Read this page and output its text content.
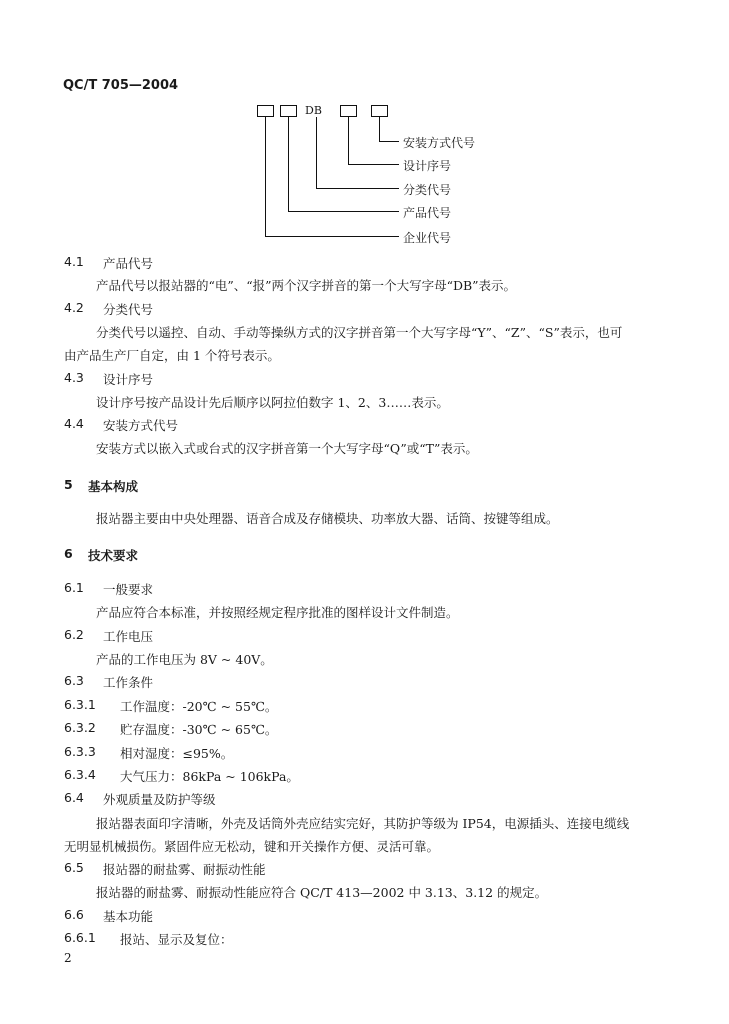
QC/T 705—2004
DB
安装方式代号
设计序号
分类代号
产品代号
企业代号
4.1 产品代号
产品代号以报站器的“电”、“报”两个汉字拼音的第一个大写字母“DB”表示。
4.2 分类代号
分类代号以遥控、自动、手动等操纵方式的汉字拼音第一个大写字母“Y”、“Z”、“S”表示，也可
由产品生产厂自定，由 1 个符号表示。
4.3 设计序号
设计序号按产品设计先后顺序以阿拉伯数字 1、2、3……表示。
4.4 安装方式代号
安装方式以嵌入式或台式的汉字拼音第一个大写字母“Q”或“T”表示。
5 基本构成
报站器主要由中央处理器、语音合成及存储模块、功率放大器、话筒、按键等组成。
6 技术要求
6.1 一般要求
产品应符合本标准，并按照经规定程序批准的图样设计文件制造。
6.2 工作电压
产品的工作电压为 8V ~ 40V。
6.3 工作条件
6.3.1 工作温度：-20℃ ~ 55℃。
6.3.2 贮存温度：-30℃ ~ 65℃。
6.3.3 相对湿度：≤95%。
6.3.4 大气压力：86kPa ~ 106kPa。
6.4 外观质量及防护等级
报站器表面印字清晰，外壳及话筒外壳应结实完好，其防护等级为 IP54，电源插头、连接电缆线
无明显机械损伤。紧固件应无松动，键和开关操作方便、灵活可靠。
6.5 报站器的耐盐雾、耐振动性能
报站器的耐盐雾、耐振动性能应符合 QC/T 413—2002 中 3.13、3.12 的规定。
6.6 基本功能
6.6.1 报站、显示及复位：
2
